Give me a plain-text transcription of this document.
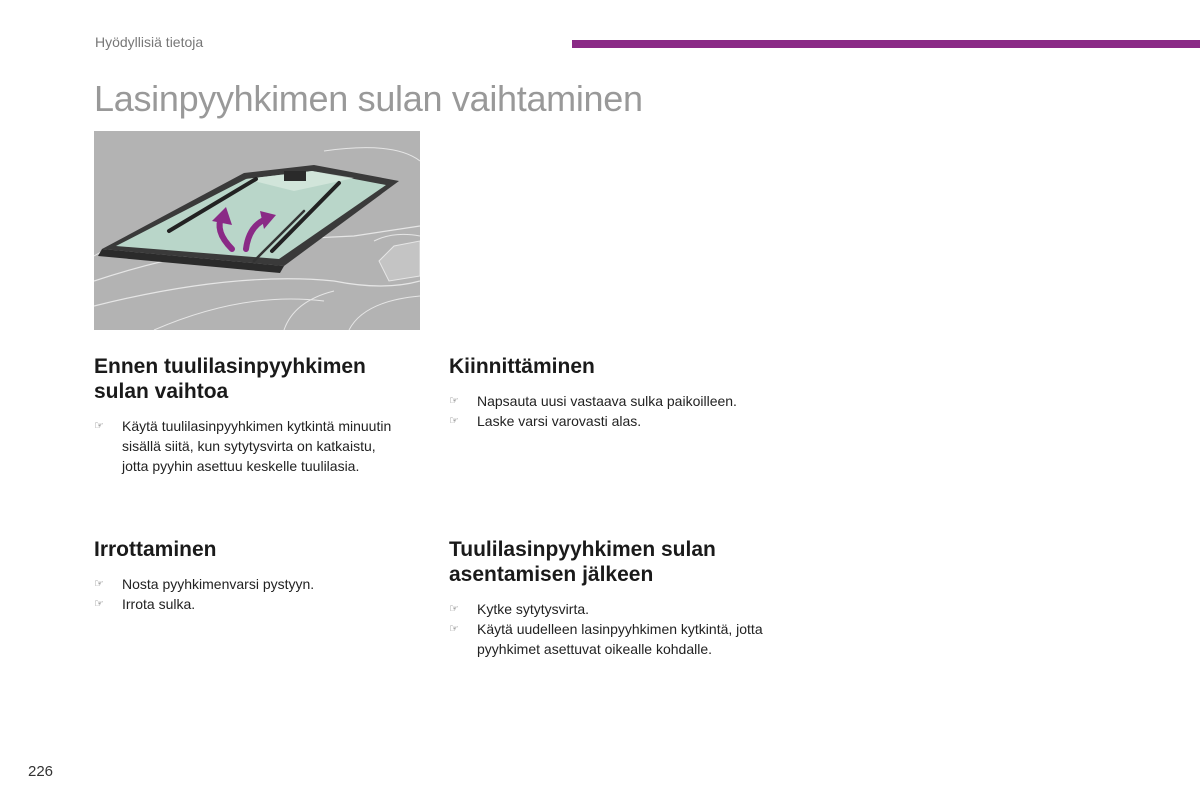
Hyödyllisiä tietoja
Lasinpyyhkimen sulan vaihtaminen
Ennen tuulilasinpyyhkimen sulan vaihtoa
☞ Käytä tuulilasinpyyhkimen kytkintä minuutin sisällä siitä, kun sytytysvirta on katkaistu, jotta pyyhin asettuu keskelle tuulilasia.
Irrottaminen
☞ Nosta pyyhkimenvarsi pystyyn.
☞ Irrota sulka.
Kiinnittäminen
☞ Napsauta uusi vastaava sulka paikoilleen.
☞ Laske varsi varovasti alas.
Tuulilasinpyyhkimen sulan asentamisen jälkeen
☞ Kytke sytytysvirta.
☞ Käytä uudelleen lasinpyyhkimen kytkintä, jotta pyyhkimet asettuvat oikealle kohdalle.
226
